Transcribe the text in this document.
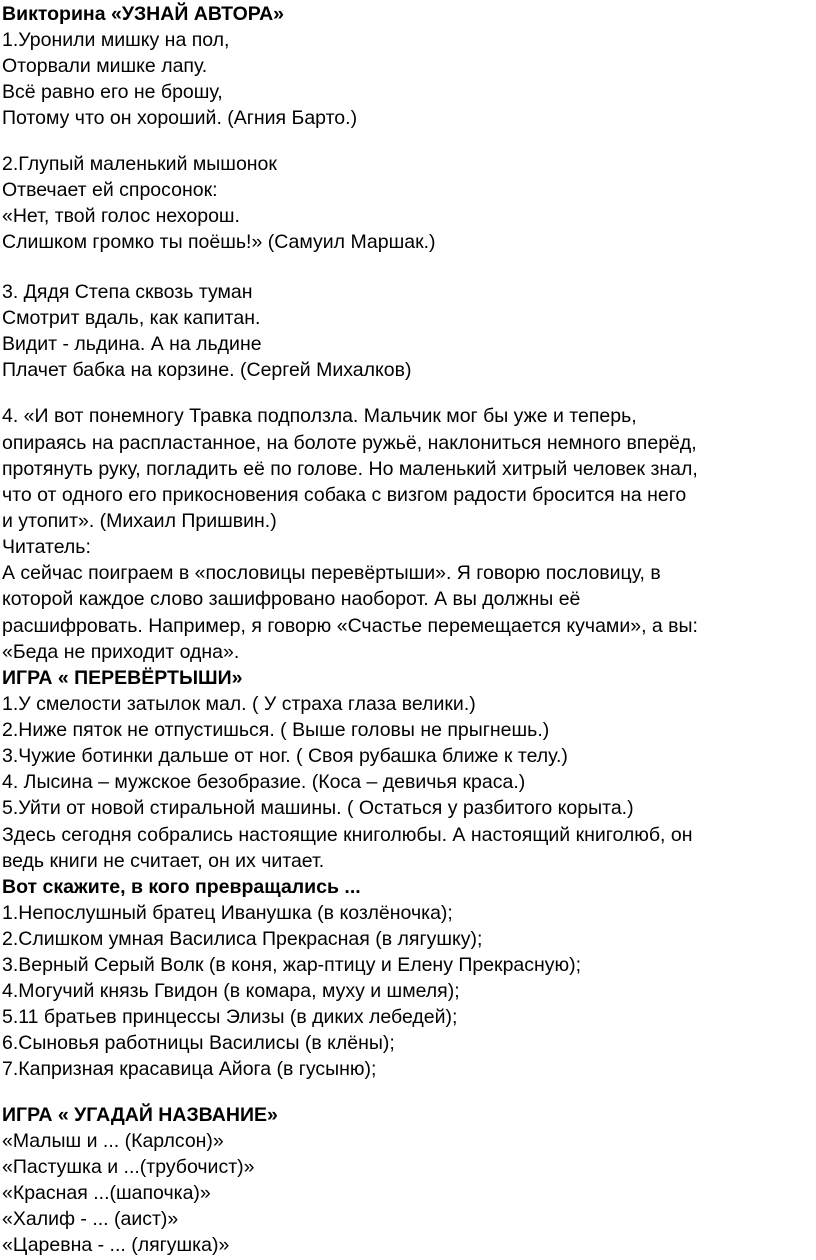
Викторина «УЗНАЙ АВТОРА»
1.Уронили мишку на пол,
Оторвали мишке лапу.
Всё равно его не брошу,
Потому что он хороший. (Агния Барто.)
2.Глупый маленький мышонок
Отвечает ей спросонок:
«Нет, твой голос нехорош.
Слишком громко ты поёшь!» (Самуил Маршак.)
3. Дядя Степа сквозь туман
Смотрит вдаль, как капитан.
Видит - льдина. А на льдине
Плачет бабка на корзине. (Сергей Михалков)
4. «И вот понемногу Травка подползла. Мальчик мог бы уже и теперь,
опираясь на распластанное, на болоте ружьё, наклониться немного вперёд,
протянуть руку, погладить её по голове. Но маленький хитрый человек знал,
что от одного его прикосновения собака с визгом радости бросится на него
и утопит». (Михаил Пришвин.)
Читатель:
А сейчас поиграем в «пословицы перевёртыши». Я говорю пословицу, в
которой каждое слово зашифровано наоборот. А вы должны её
расшифровать. Например, я говорю «Счастье перемещается кучами», а вы:
«Беда не приходит одна».
ИГРА « ПЕРЕВЁРТЫШИ»
1.У смелости затылок мал. ( У страха глаза велики.)
2.Ниже пяток не отпустишься. ( Выше головы не прыгнешь.)
3.Чужие ботинки дальше от ног. ( Своя рубашка ближе к телу.)
4. Лысина – мужское безобразие. (Коса – девичья краса.)
5.Уйти от новой стиральной машины. ( Остаться у разбитого корыта.)
Здесь сегодня собрались настоящие книголюбы. А настоящий книголюб, он
ведь книги не считает, он их читает.
Вот скажите, в кого превращались ...
1.Непослушный братец Иванушка (в козлёночка);
2.Слишком умная Василиса Прекрасная (в лягушку);
3.Верный Серый Волк (в коня, жар-птицу и Елену Прекрасную);
4.Могучий князь Гвидон (в комара, муху и шмеля);
5.11 братьев принцессы Элизы (в диких лебедей);
6.Сыновья работницы Василисы (в клёны);
7.Капризная красавица Айога (в гусыню);
ИГРА « УГАДАЙ НАЗВАНИЕ»
«Малыш и ... (Карлсон)»
«Пастушка и ...(трубочист)»
«Красная ...(шапочка)»
«Халиф - ... (аист)»
«Царевна - ... (лягушка)»
